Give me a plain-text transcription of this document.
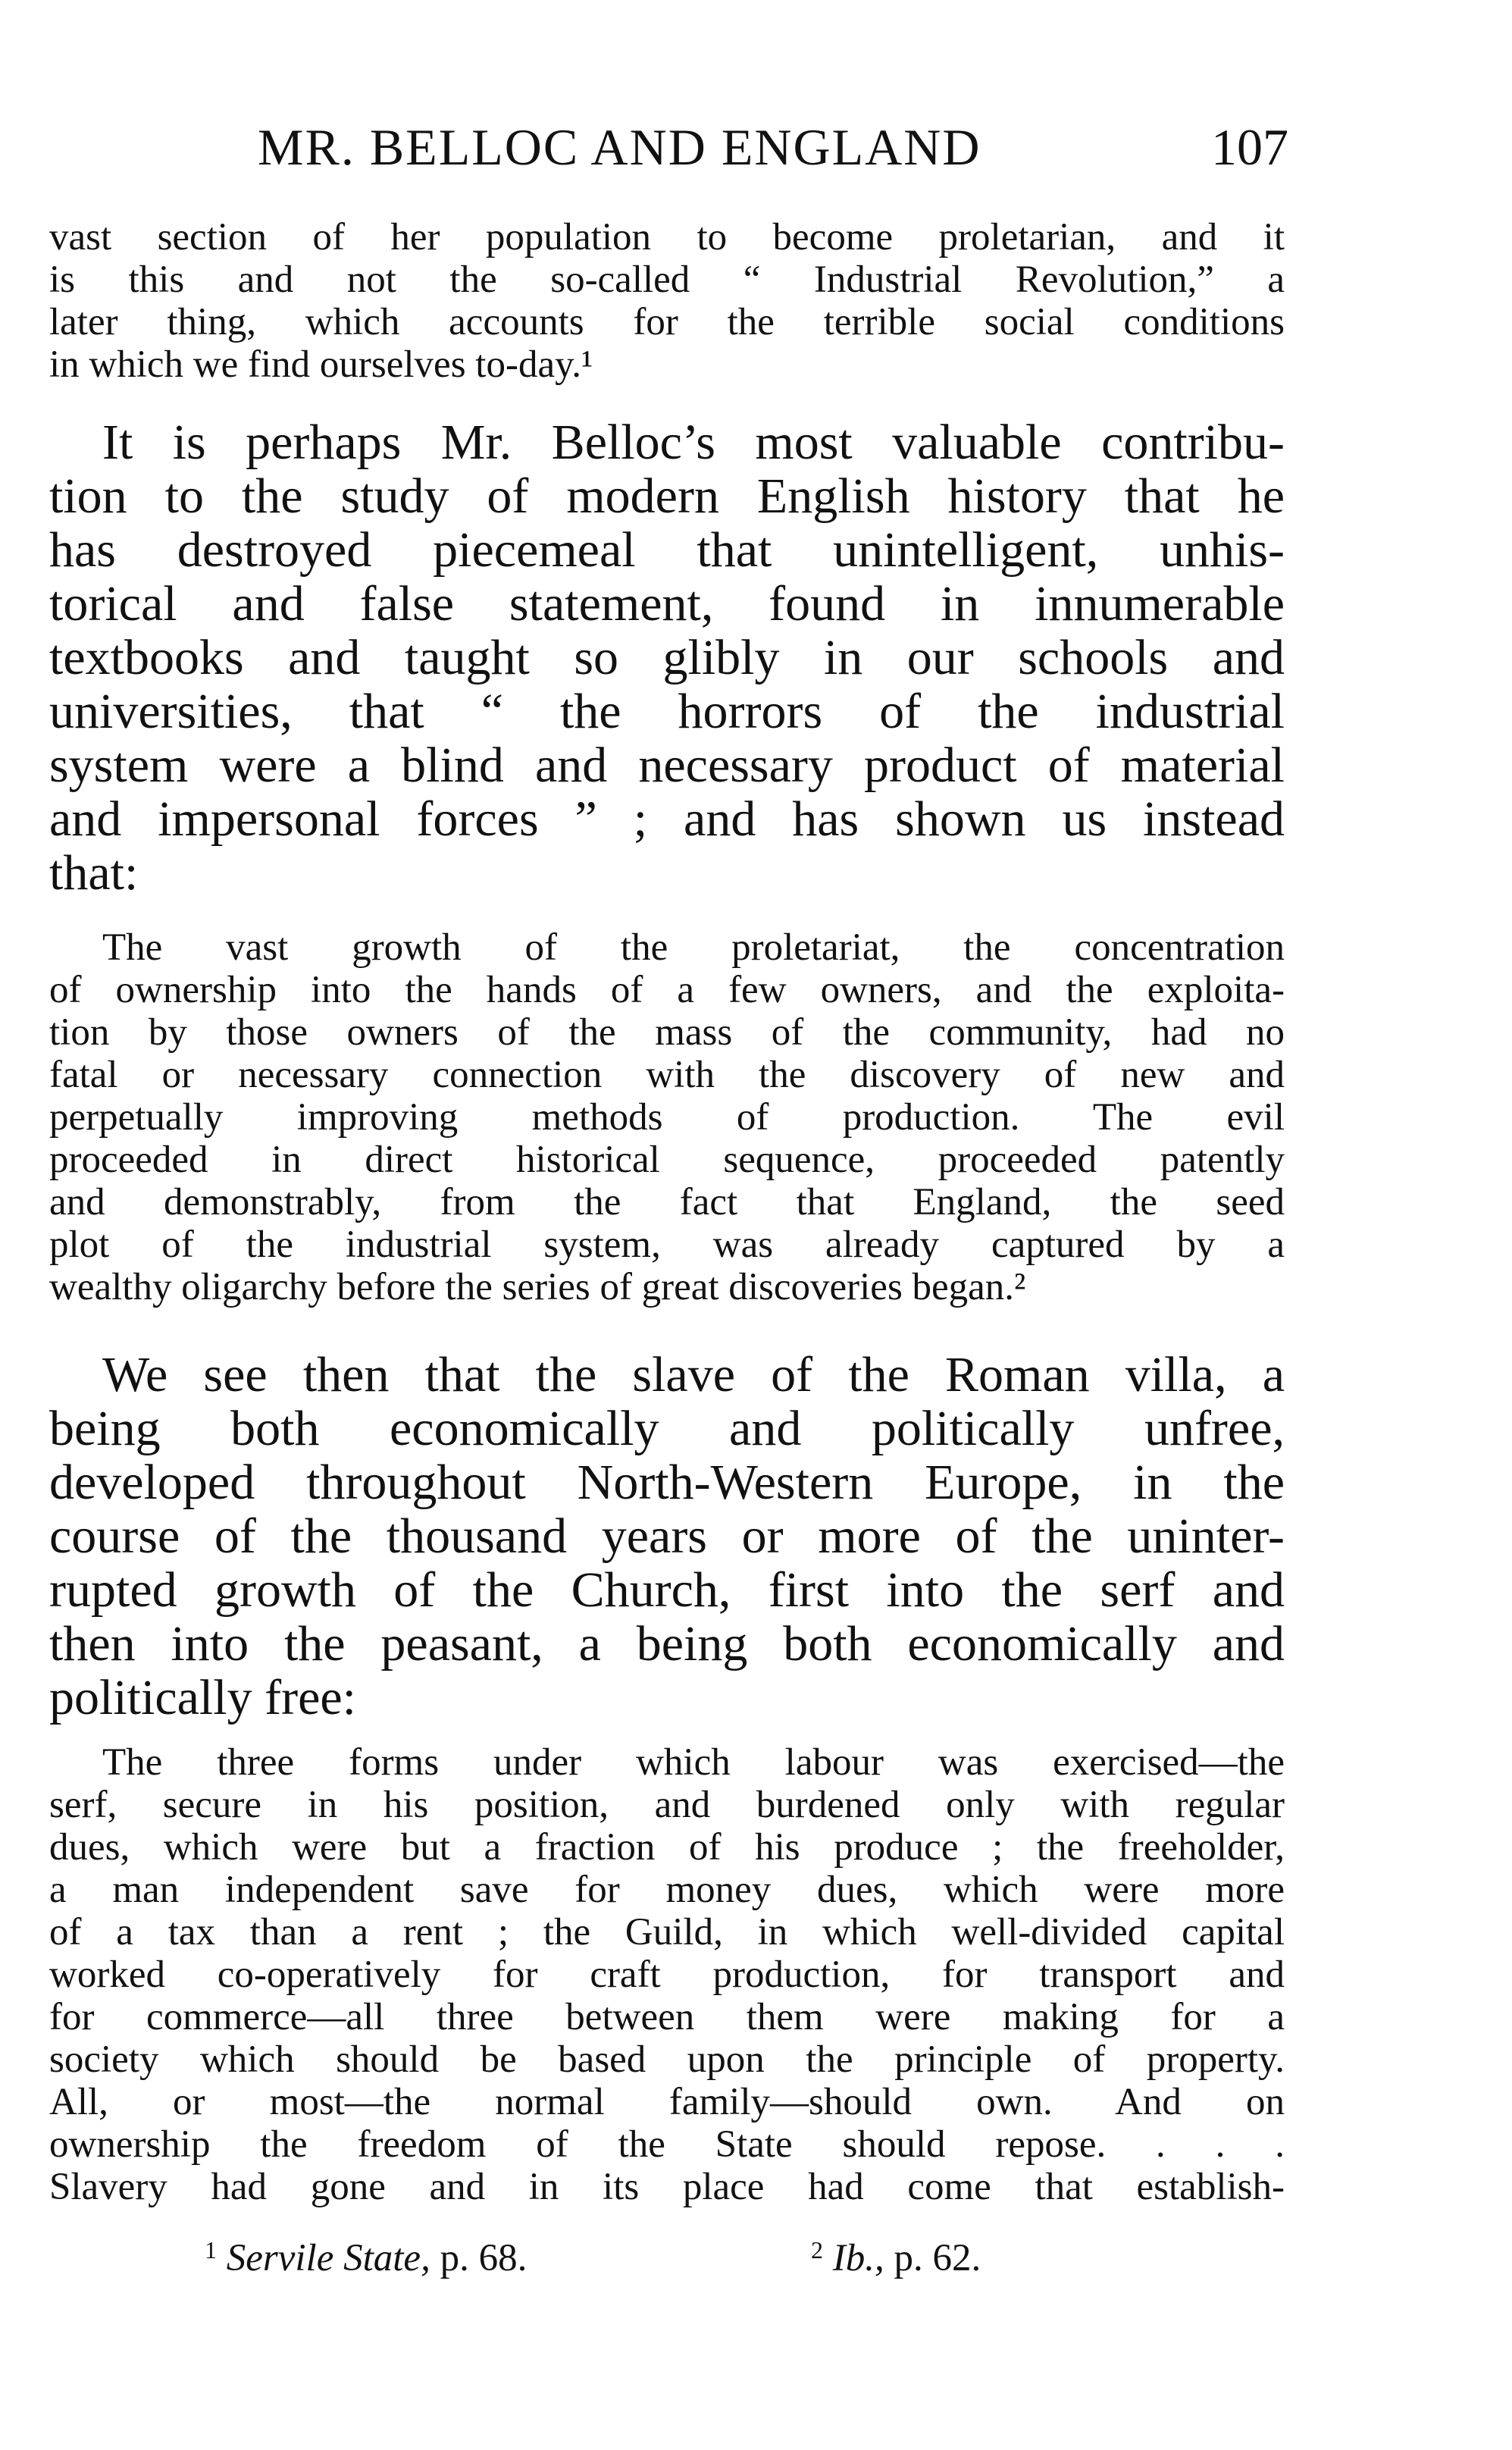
MR. BELLOC AND ENGLAND	107
vast section of her population to become proletarian, and it
is this and not the so-called “ Industrial Revolution,” a
later thing, which accounts for the terrible social conditions
in which we find ourselves to-day.¹
It is perhaps Mr. Belloc’s most valuable contribu-
tion to the study of modern English history that he
has destroyed piecemeal that unintelligent, unhis-
torical and false statement, found in innumerable
textbooks and taught so glibly in our schools and
universities, that “ the horrors of the industrial
system were a blind and necessary product of material
and impersonal forces ” ; and has shown us instead
that:
The vast growth of the proletariat, the concentration
of ownership into the hands of a few owners, and the exploita-
tion by those owners of the mass of the community, had no
fatal or necessary connection with the discovery of new and
perpetually improving methods of production. The evil
proceeded in direct historical sequence, proceeded patently
and demonstrably, from the fact that England, the seed
plot of the industrial system, was already captured by a
wealthy oligarchy before the series of great discoveries began.²
We see then that the slave of the Roman villa, a
being both economically and politically unfree,
developed throughout North-Western Europe, in the
course of the thousand years or more of the uninter-
rupted growth of the Church, first into the serf and
then into the peasant, a being both economically and
politically free:
The three forms under which labour was exercised—the
serf, secure in his position, and burdened only with regular
dues, which were but a fraction of his produce ; the freeholder,
a man independent save for money dues, which were more
of a tax than a rent ; the Guild, in which well-divided capital
worked co-operatively for craft production, for transport and
for commerce—all three between them were making for a
society which should be based upon the principle of property.
All, or most—the normal family—should own. And on
ownership the freedom of the State should repose. . . .
Slavery had gone and in its place had come that establish-
$^1$ Servile State, p. 68.	$^2$ Ib., p. 62.
